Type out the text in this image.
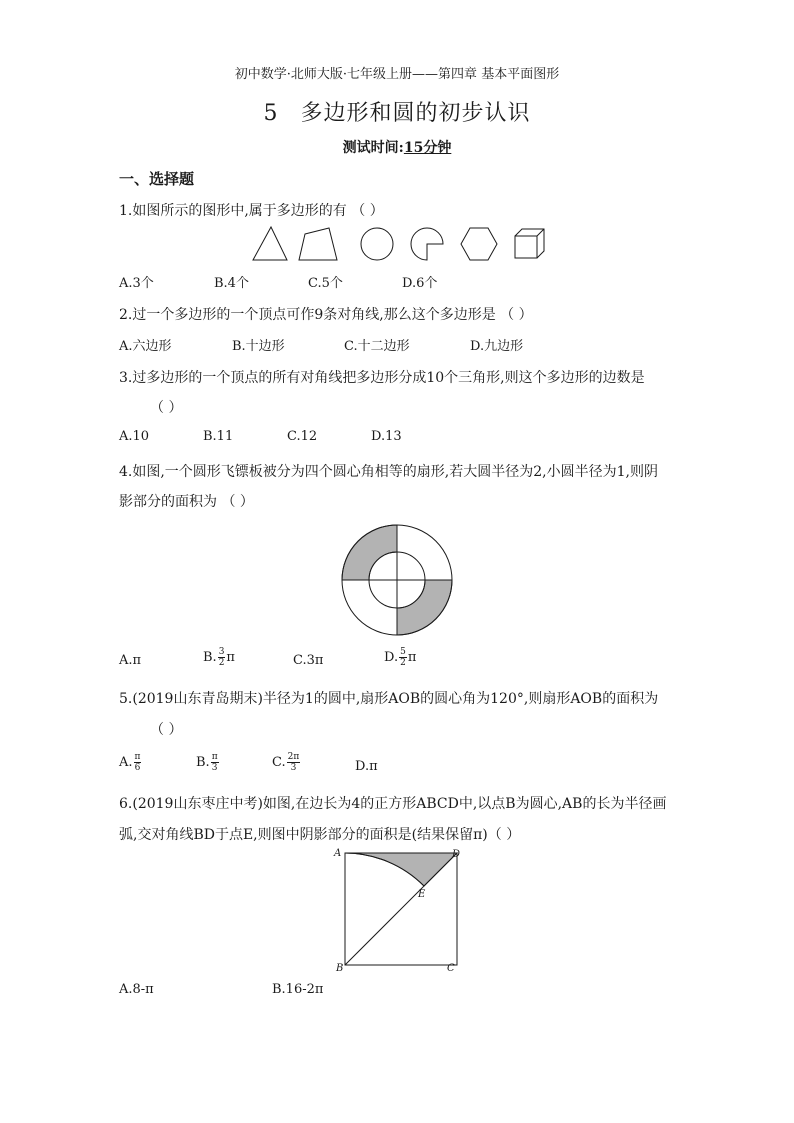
初中数学·北师大版·七年级上册——第四章 基本平面图形
5 多边形和圆的初步认识
测试时间:15分钟
一、选择题
1.如图所示的图形中,属于多边形的有 （ ）
A.3个	B.4个	C.5个	D.6个
2.过一个多边形的一个顶点可作9条对角线,那么这个多边形是 （ ）
A.六边形	B.十边形	C.十二边形	D.九边形
3.过多边形的一个顶点的所有对角线把多边形分成10个三角形,则这个多边形的边数是
（ ）
A.10	B.11	C.12	D.13
4.如图,一个圆形飞镖板被分为四个圆心角相等的扇形,若大圆半径为2,小圆半径为1,则阴
影部分的面积为 （ ）
A.π	B. $\frac{3}{2}$ π	C.3π	D. $\frac{5}{2}$ π
5.(2019山东青岛期末)半径为1的圆中,扇形AOB的圆心角为120°,则扇形AOB的面积为
（ ）
A. $\frac{\pi}{6}$	B. $\frac{\pi}{3}$	C. $\frac{2\pi}{3}$	D.π
6.(2019山东枣庄中考)如图,在边长为4的正方形ABCD中,以点B为圆心,AB的长为半径画
弧,交对角线BD于点E,则图中阴影部分的面积是(结果保留π)（ ）
A	D
E
B	C
A.8-π	B.16-2π
